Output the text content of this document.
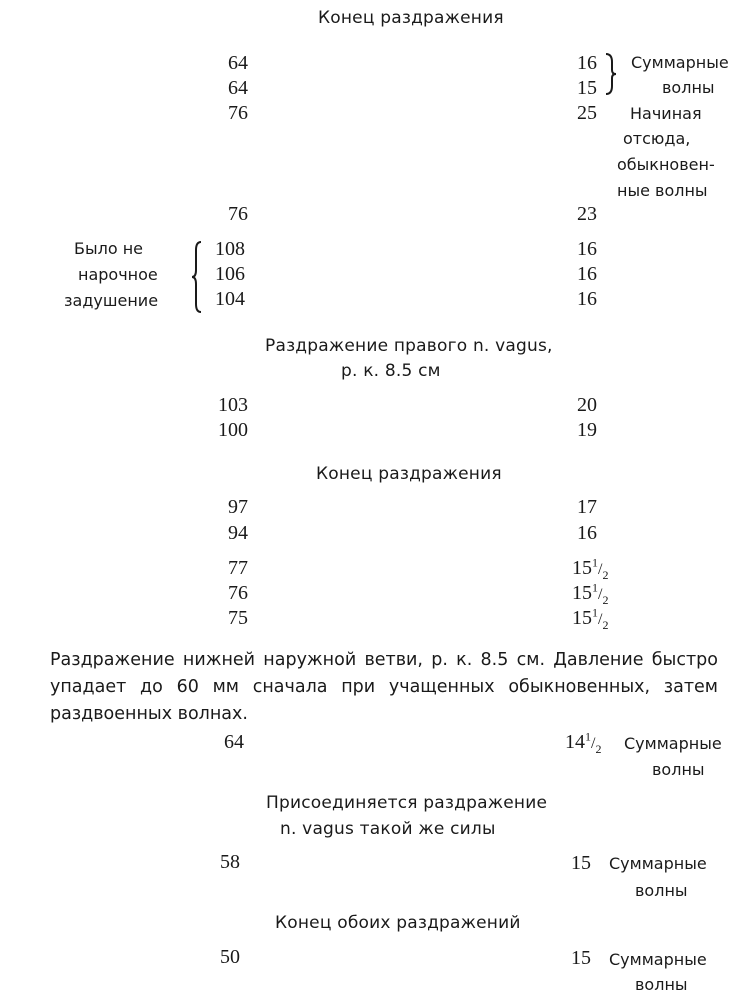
Конец раздражения
64	16
64	15
Суммарные
волны
76	25 Начиная
отсюда,
обыкновен-
ные волны
76	23
Было не
нарочное
задушение
108	16
106	16
104	16
Раздражение правого n. vagus,
р. к. 8.5 см
103	20
100	19
Конец раздражения
97	17
94	16
77	$15^1/_2$
76	$15^1/_2$
75	$15^1/_2$
Раздражение нижней наружной ветви, р. к. 8.5 см. Давление быстро
упадает до 60 мм сначала при учащенных обыкновенных, затем раздвоенных волнах.
64	$14^1/_2$ Суммарные
волны
Присоединяется раздражение
n. vagus такой же силы
58	15 Суммарные
волны
Конец обоих раздражений
50	15 Суммарные
волны
